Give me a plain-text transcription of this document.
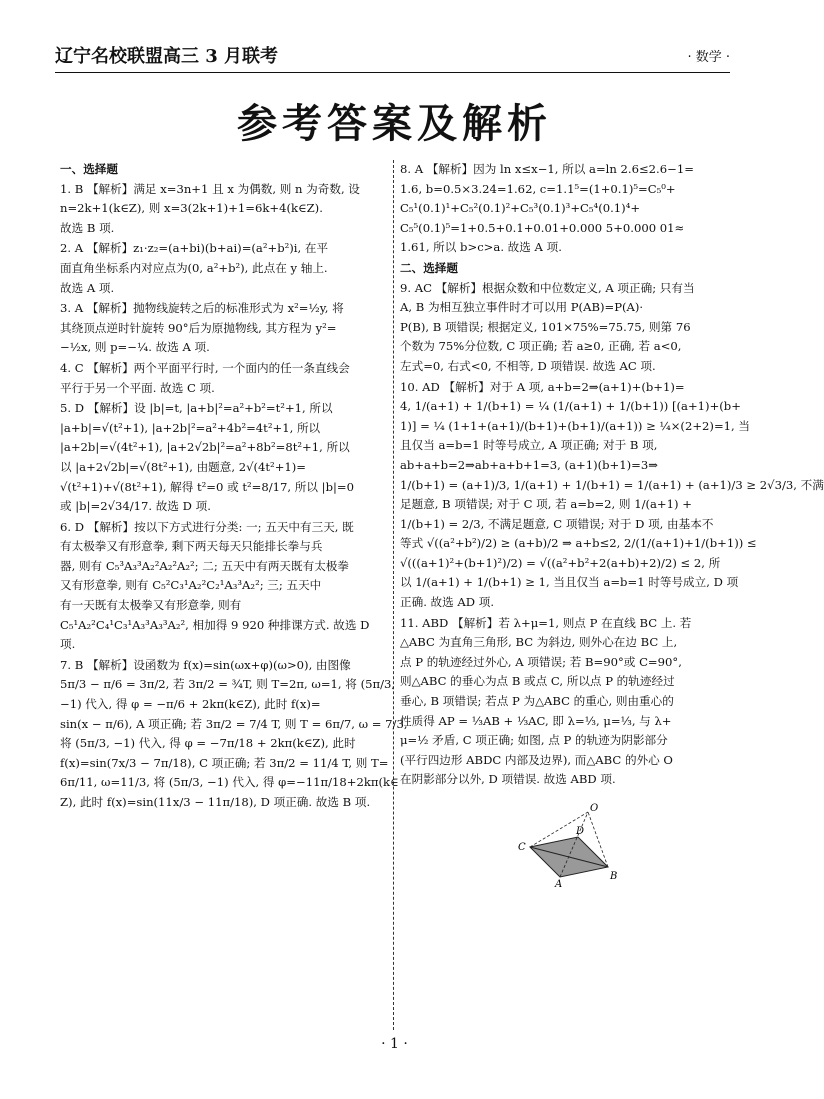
辽宁名校联盟高三 3 月联考	· 数学 ·
参考答案及解析
一、选择题
1. B 【解析】满足 x=3n+1 且 x 为偶数, 则 n 为奇数, 设
n=2k+1(k∈Z), 则 x=3(2k+1)+1=6k+4(k∈Z).
故选 B 项.
2. A 【解析】z₁·z₂=(a+bi)(b+ai)=(a²+b²)i, 在平
面直角坐标系内对应点为(0, a²+b²), 此点在 y 轴上.
故选 A 项.
3. A 【解析】抛物线旋转之后的标准形式为 x²=½y, 将
其绕顶点逆时针旋转 90°后为原抛物线, 其方程为 y²=
−½x, 则 p=−¼. 故选 A 项.
4. C 【解析】两个平面平行时, 一个面内的任一条直线会
平行于另一个平面. 故选 C 项.
5. D 【解析】设 |b|=t, |a+b|²=a²+b²=t²+1, 所以
|a+b|=√(t²+1), |a+2b|²=a²+4b²=4t²+1, 所以
|a+2b|=√(4t²+1), |a+2√2b|²=a²+8b²=8t²+1, 所以
以 |a+2√2b|=√(8t²+1), 由题意, 2√(4t²+1)=
√(t²+1)+√(8t²+1), 解得 t²=0 或 t²=8/17, 所以 |b|=0
或 |b|=2√34/17. 故选 D 项.
6. D 【解析】按以下方式进行分类: 一; 五天中有三天, 既
有太极拳又有形意拳, 剩下两天每天只能排长拳与兵
器, 则有 C₅³A₃³A₂²A₂²A₂²; 二; 五天中有两天既有太极拳
又有形意拳, 则有 C₅²C₃¹A₂²C₂¹A₃³A₂²; 三; 五天中
有一天既有太极拳又有形意拳, 则有
C₅¹A₂²C₄¹C₃¹A₃³A₃³A₂², 相加得 9 920 种排课方式. 故选 D
项.
7. B 【解析】设函数为 f(x)=sin(ωx+φ)(ω>0), 由图像
5π/3 − π/6 = 3π/2, 若 3π/2 = ¾T, 则 T=2π, ω=1, 将 (5π/3,
−1) 代入, 得 φ = −π/6 + 2kπ(k∈Z), 此时 f(x)=
sin(x − π/6), A 项正确; 若 3π/2 = 7/4 T, 则 T = 6π/7, ω = 7/3,
将 (5π/3, −1) 代入, 得 φ = −7π/18 + 2kπ(k∈Z), 此时
f(x)=sin(7x/3 − 7π/18), C 项正确; 若 3π/2 = 11/4 T, 则 T=
6π/11, ω=11/3, 将 (5π/3, −1) 代入, 得 φ=−11π/18+2kπ(k∈
Z), 此时 f(x)=sin(11x/3 − 11π/18), D 项正确. 故选 B 项.
8. A 【解析】因为 ln x≤x−1, 所以 a=ln 2.6≤2.6−1=
1.6, b=0.5×3.24=1.62, c=1.1⁵=(1+0.1)⁵=C₅⁰+
C₅¹(0.1)¹+C₅²(0.1)²+C₅³(0.1)³+C₅⁴(0.1)⁴+
C₅⁵(0.1)⁵=1+0.5+0.1+0.01+0.000 5+0.000 01≈
1.61, 所以 b>c>a. 故选 A 项.
二、选择题
9. AC 【解析】根据众数和中位数定义, A 项正确; 只有当
A, B 为相互独立事件时才可以用 P(AB)=P(A)·
P(B), B 项错误; 根据定义, 101×75%=75.75, 则第 76
个数为 75%分位数, C 项正确; 若 a≥0, 正确, 若 a<0,
左式=0, 右式<0, 不相等, D 项错误. 故选 AC 项.
10. AD 【解析】对于 A 项, a+b=2⇒(a+1)+(b+1)=
4, 1/(a+1) + 1/(b+1) = ¼ (1/(a+1) + 1/(b+1)) [(a+1)+(b+
1)] = ¼ (1+1+(a+1)/(b+1)+(b+1)/(a+1)) ≥ ¼×(2+2)=1, 当
且仅当 a=b=1 时等号成立, A 项正确; 对于 B 项,
ab+a+b=2⇒ab+a+b+1=3, (a+1)(b+1)=3⇒
1/(b+1) = (a+1)/3, 1/(a+1) + 1/(b+1) = 1/(a+1) + (a+1)/3 ≥ 2√3/3, 不满
足题意, B 项错误; 对于 C 项, 若 a=b=2, 则 1/(a+1) +
1/(b+1) = 2/3, 不满足题意, C 项错误; 对于 D 项, 由基本不
等式 √((a²+b²)/2) ≥ (a+b)/2 ⇒ a+b≤2, 2/(1/(a+1)+1/(b+1)) ≤
√(((a+1)²+(b+1)²)/2) = √((a²+b²+2(a+b)+2)/2) ≤ 2, 所
以 1/(a+1) + 1/(b+1) ≥ 1, 当且仅当 a=b=1 时等号成立, D 项
正确. 故选 AD 项.
11. ABD 【解析】若 λ+μ=1, 则点 P 在直线 BC 上. 若
△ABC 为直角三角形, BC 为斜边, 则外心在边 BC 上,
点 P 的轨迹经过外心, A 项错误; 若 B=90°或 C=90°,
则△ABC 的垂心为点 B 或点 C, 所以点 P 的轨迹经过
垂心, B 项错误; 若点 P 为△ABC 的重心, 则由重心的
性质得 AP = ⅓AB + ⅓AC, 即 λ=⅓, μ=⅓, 与 λ+
μ=½ 矛盾, C 项正确; 如图, 点 P 的轨迹为阴影部分
(平行四边形 ABDC 内部及边界), 而△ABC 的外心 O
在阴影部分以外, D 项错误. 故选 ABD 项.
O
C
D
A
B
· 1 ·
